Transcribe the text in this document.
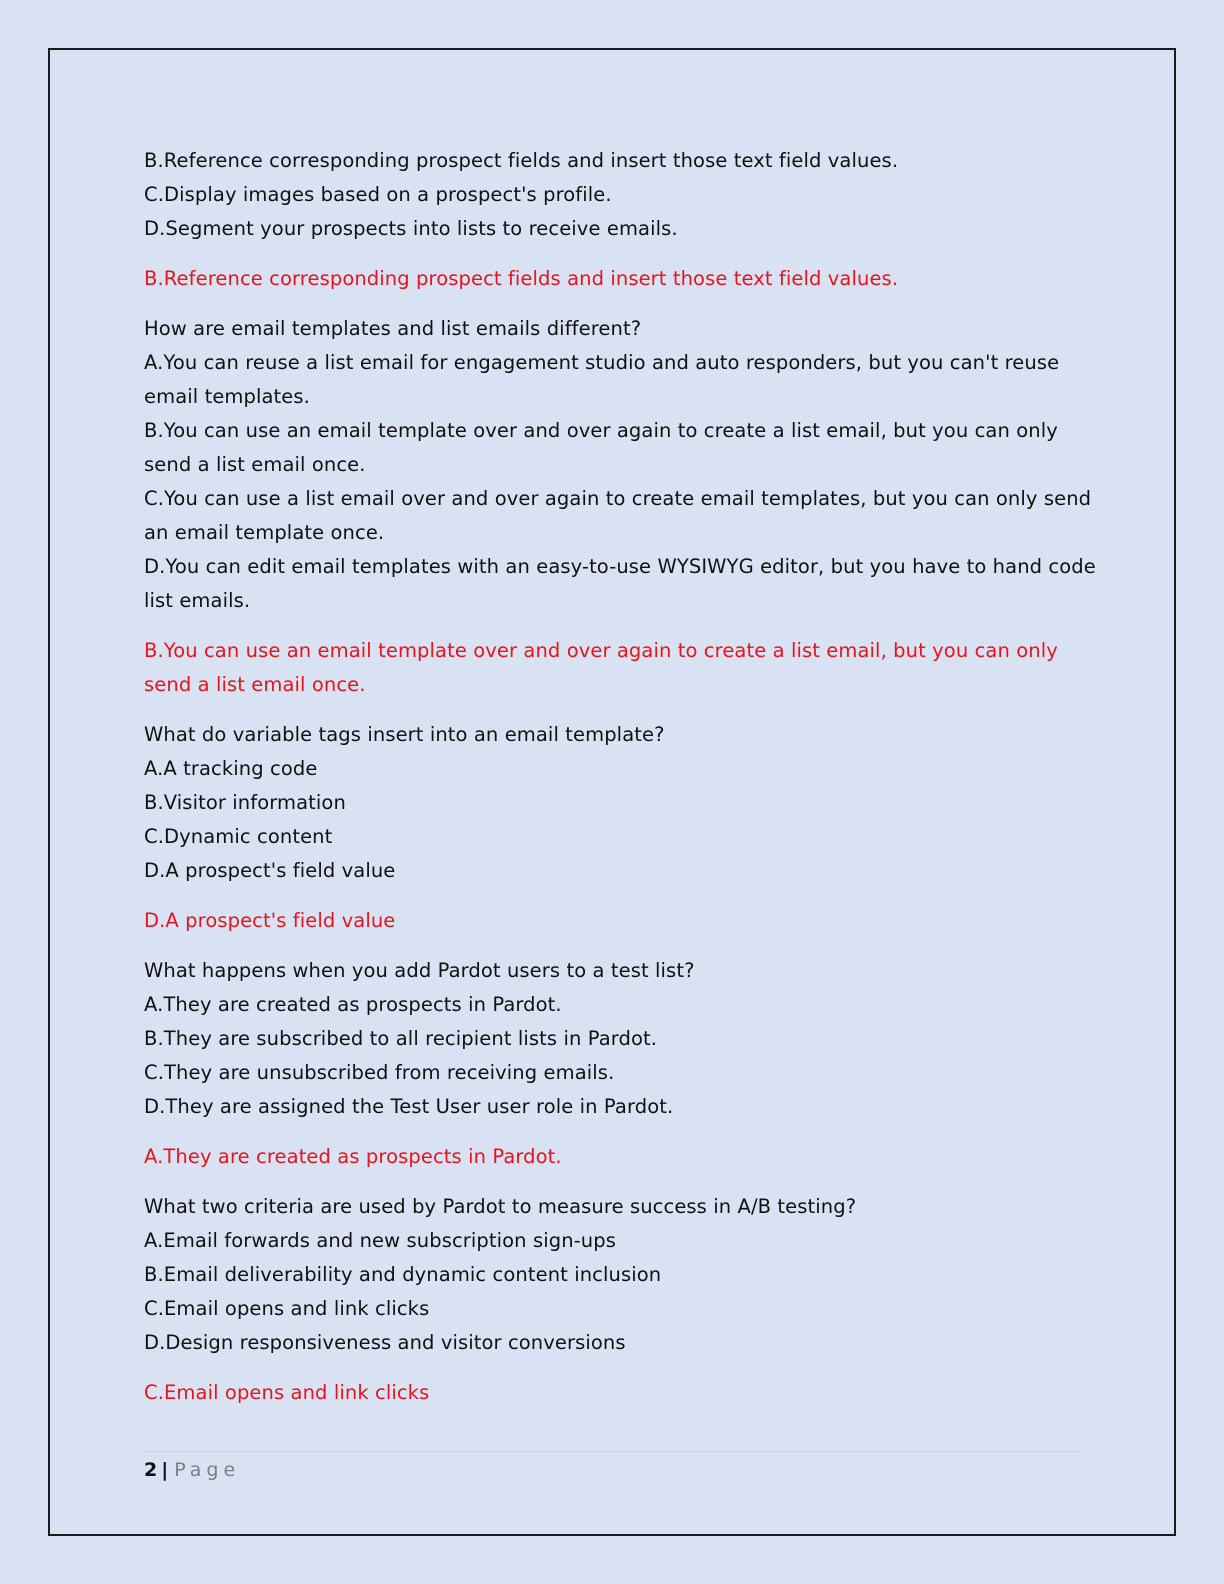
B.Reference corresponding prospect fields and insert those text field values.
C.Display images based on a prospect's profile.
D.Segment your prospects into lists to receive emails.
B.Reference corresponding prospect fields and insert those text field values.
How are email templates and list emails different?
A.You can reuse a list email for engagement studio and auto responders, but you can't reuse
email templates.
B.You can use an email template over and over again to create a list email, but you can only
send a list email once.
C.You can use a list email over and over again to create email templates, but you can only send
an email template once.
D.You can edit email templates with an easy-to-use WYSIWYG editor, but you have to hand code
list emails.
B.You can use an email template over and over again to create a list email, but you can only
send a list email once.
What do variable tags insert into an email template?
A.A tracking code
B.Visitor information
C.Dynamic content
D.A prospect's field value
D.A prospect's field value
What happens when you add Pardot users to a test list?
A.They are created as prospects in Pardot.
B.They are subscribed to all recipient lists in Pardot.
C.They are unsubscribed from receiving emails.
D.They are assigned the Test User user role in Pardot.
A.They are created as prospects in Pardot.
What two criteria are used by Pardot to measure success in A/B testing?
A.Email forwards and new subscription sign-ups
B.Email deliverability and dynamic content inclusion
C.Email opens and link clicks
D.Design responsiveness and visitor conversions
C.Email opens and link clicks
2 | Page
